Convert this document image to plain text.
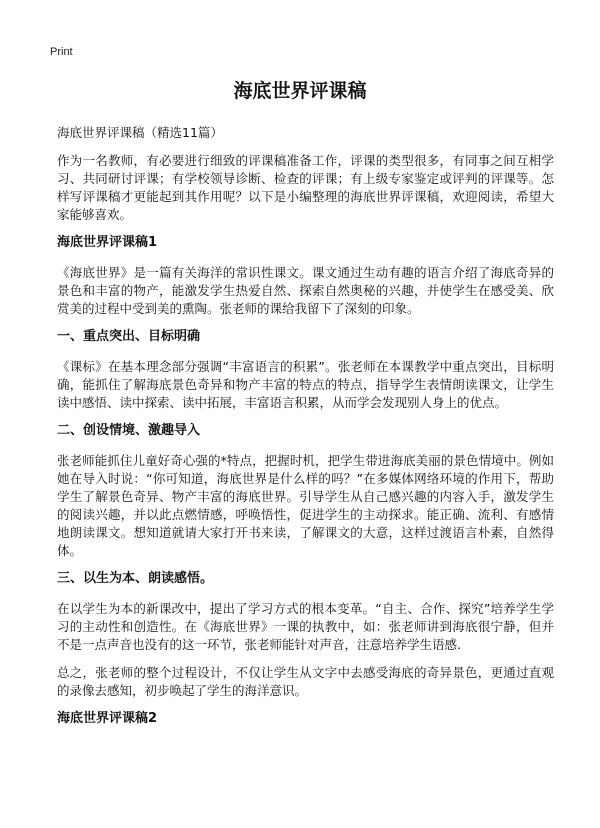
Print
海底世界评课稿

海底世界评课稿（精选11篇）

作为一名教师，有必要进行细致的评课稿准备工作，评课的类型很多，有同事之间互相学习、共同研讨评课；有学校领导诊断、检查的评课；有上级专家鉴定或评判的评课等。怎样写评课稿才更能起到其作用呢？以下是小编整理的海底世界评课稿，欢迎阅读，希望大家能够喜欢。

海底世界评课稿1

《海底世界》是一篇有关海洋的常识性课文。课文通过生动有趣的语言介绍了海底奇异的景色和丰富的物产，能激发学生热爱自然、探索自然奥秘的兴趣，并使学生在感受美、欣赏美的过程中受到美的熏陶。张老师的课给我留下了深刻的印象。

一、重点突出、目标明确

《课标》在基本理念部分强调“丰富语言的积累”。张老师在本课教学中重点突出，目标明确，能抓住了解海底景色奇异和物产丰富的特点的特点，指导学生表情朗读课文，让学生读中感悟、读中探索、读中拓展，丰富语言积累，从而学会发现别人身上的优点。

二、创设情境、激趣导入

张老师能抓住儿童好奇心强的*特点，把握时机，把学生带进海底美丽的景色情境中。例如她在导入时说：“你可知道，海底世界是什么样的吗？”在多媒体网络环境的作用下，帮助学生了解景色奇异、物产丰富的海底世界。引导学生从自己感兴趣的内容入手，激发学生的阅读兴趣，并以此点燃情感，呼唤悟性，促进学生的主动探求。能正确、流利、有感情地朗读课文。想知道就请大家打开书来读，了解课文的大意，这样过渡语言朴素，自然得体。

三、以生为本、朗读感悟。

在以学生为本的新课改中，提出了学习方式的根本变革。“自主、合作、探究”培养学生学习的主动性和创造性。在《海底世界》一课的执教中，如：张老师讲到海底很宁静，但并不是一点声音也没有的这一环节，张老师能针对声音，注意培养学生语感.

总之，张老师的整个过程设计，不仅让学生从文字中去感受海底的奇异景色，更通过直观的录像去感知，初步唤起了学生的海洋意识。

海底世界评课稿2
